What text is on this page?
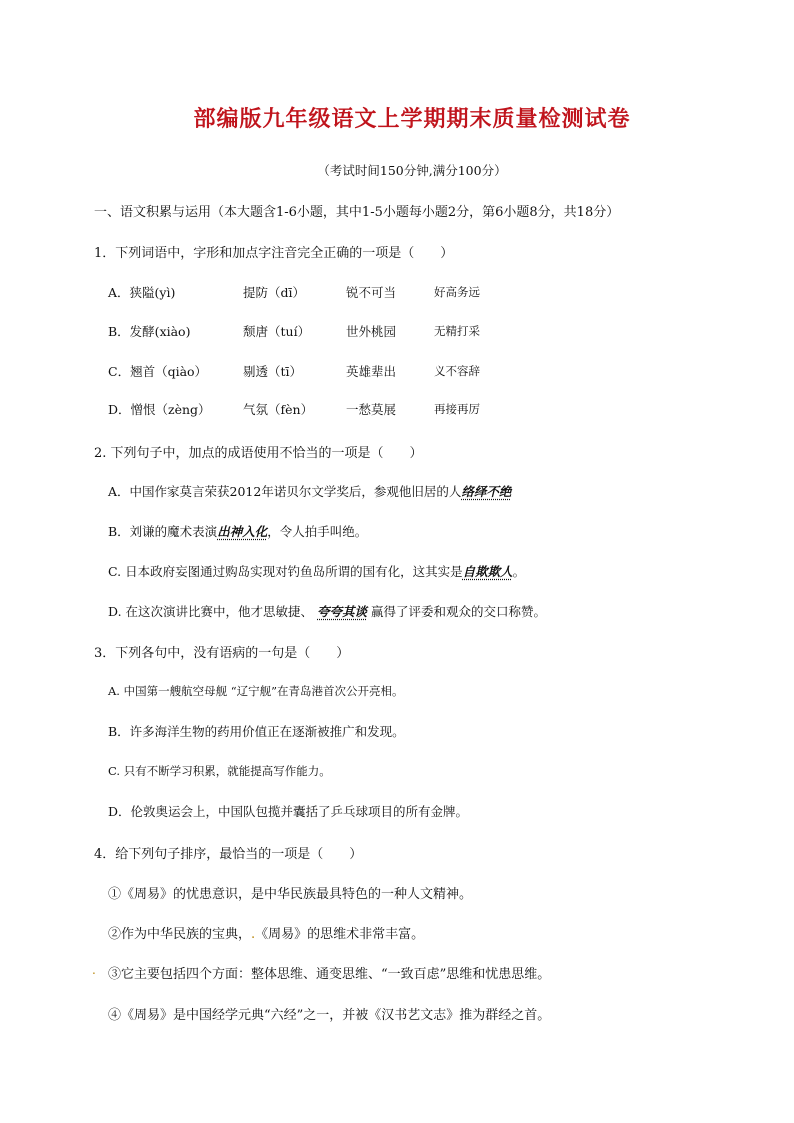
部编版九年级语文上学期期末质量检测试卷
（考试时间150分钟,满分100分）
一、语文积累与运用（本大题含1-6小题，其中1-5小题每小题2分，第6小题8分，共18分）
1．下列词语中，字形和加点字注音完全正确的一项是（　　）
A．狭隘(yì)	提防（dī）	锐不可当	好高务远
B．发酵(xiào)	颓唐（tuí）	世外桃园	无精打采
C．翘首（qiào）	剔透（tī）	英雄辈出	义不容辞
D．憎恨（zèng）	气氛（fèn）	一愁莫展	再接再厉
2. 下列句子中，加点的成语使用不恰当的一项是（　　）
A．中国作家莫言荣获2012年诺贝尔文学奖后，参观他旧居的人络绎不绝
B．刘谦的魔术表演出神入化，令人拍手叫绝。
C. 日本政府妄图通过购岛实现对钓鱼岛所谓的国有化，这其实是自欺欺人。
D. 在这次演讲比赛中，他才思敏捷、 夸夸其谈 赢得了评委和观众的交口称赞。
3．下列各句中，没有语病的一句是（　　）
A. 中国第一艘航空母舰 “辽宁舰”在青岛港首次公开亮相。
B．许多海洋生物的药用价值正在逐渐被推广和发现。
C. 只有不断学习积累，就能提高写作能力。
D．伦敦奥运会上，中国队包揽并囊括了乒乓球项目的所有金牌。
4．给下列句子排序，最恰当的一项是（　　）
①《周易》的忧患意识，是中华民族最具特色的一种人文精神。
②作为中华民族的宝典，.《周易》的思维术非常丰富。
. ③它主要包括四个方面：整体思维、通变思维、“一致百虑”思维和忧患思维。
④《周易》是中国经学元典“六经”之一，并被《汉书艺文志》推为群经之首。
